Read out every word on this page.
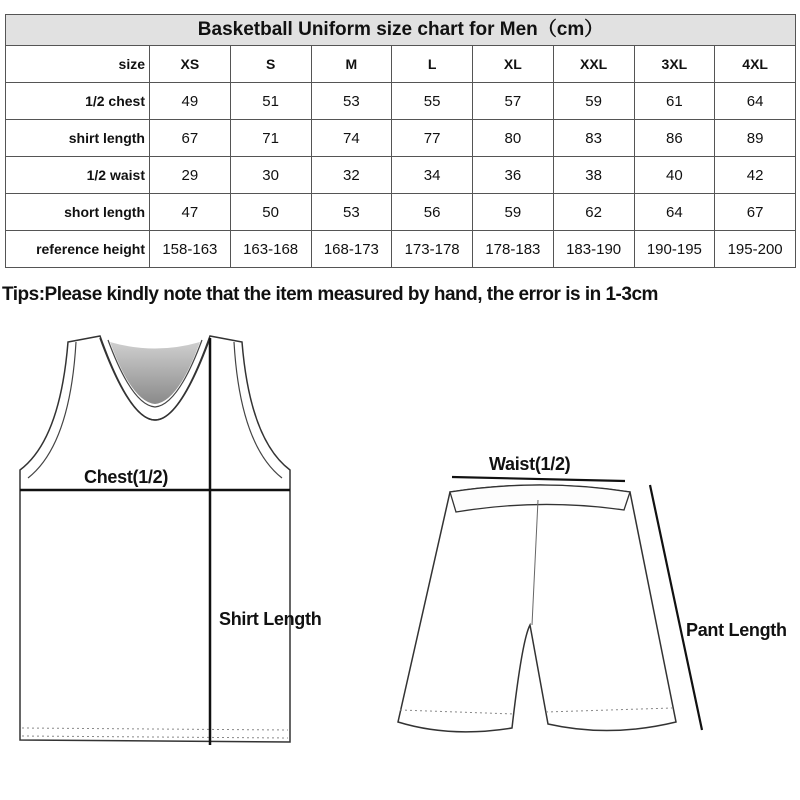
Basketball Uniform size chart for Men（cm）
size	XS	S	M	L	XL	XXL	3XL	4XL
1/2 chest	49	51	53	55	57	59	61	64
shirt length	67	71	74	77	80	83	86	89
1/2 waist	29	30	32	34	36	38	40	42
short length	47	50	53	56	59	62	64	67
reference height	158-163	163-168	168-173	173-178	178-183	183-190	190-195	195-200
Tips:Please kindly note that the item measured by hand, the error is in 1-3cm
Chest(1/2)
Shirt Length
Waist(1/2)
Pant Length
